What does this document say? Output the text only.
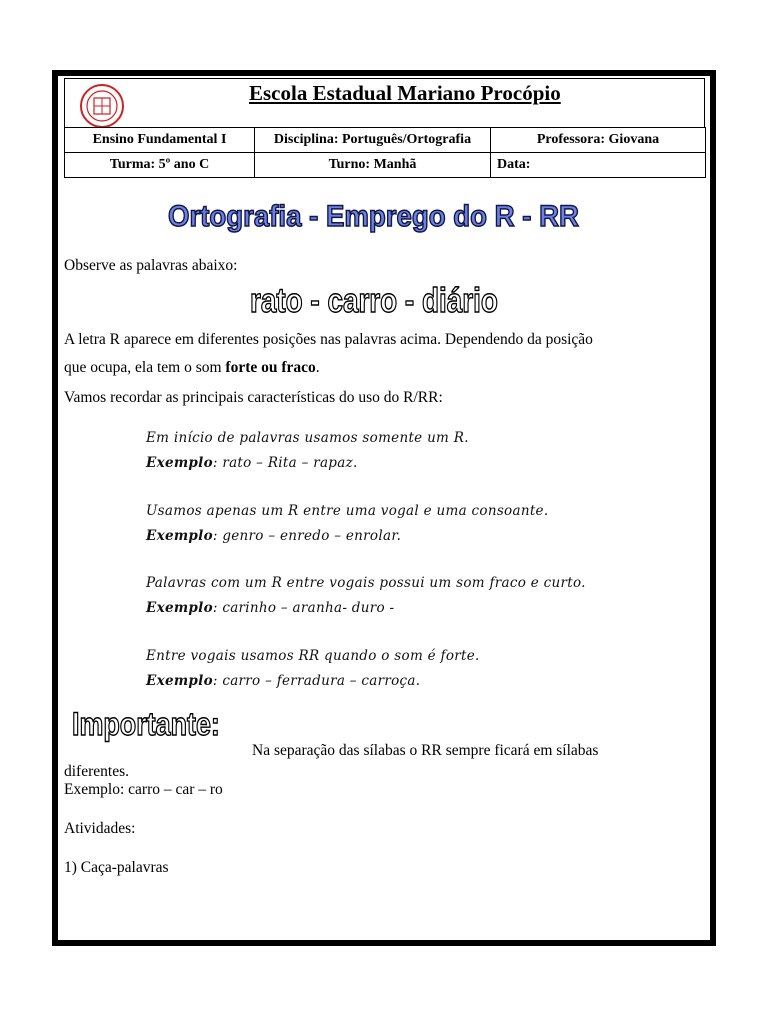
Escola Estadual Mariano Procópio
Ensino Fundamental I	Disciplina: Português/Ortografia	Professora: Giovana
Turma: 5º ano C	Turno: Manhã	Data:
Ortografia - Emprego do R - RR
Observe as palavras abaixo:
rato - carro - diário
A letra R aparece em diferentes posições nas palavras acima. Dependendo da posição
que ocupa, ela tem o som forte ou fraco.
Vamos recordar as principais características do uso do R/RR:
Em início de palavras usamos somente um R.
Exemplo: rato – Rita – rapaz.
Usamos apenas um R entre uma vogal e uma consoante.
Exemplo: genro – enredo – enrolar.
Palavras com um R entre vogais possui um som fraco e curto.
Exemplo: carinho – aranha- duro -
Entre vogais usamos RR quando o som é forte.
Exemplo: carro – ferradura – carroça.
Importante:
Na separação das sílabas o RR sempre ficará em sílabas
diferentes.
Exemplo: carro – car – ro
Atividades:
1) Caça-palavras
